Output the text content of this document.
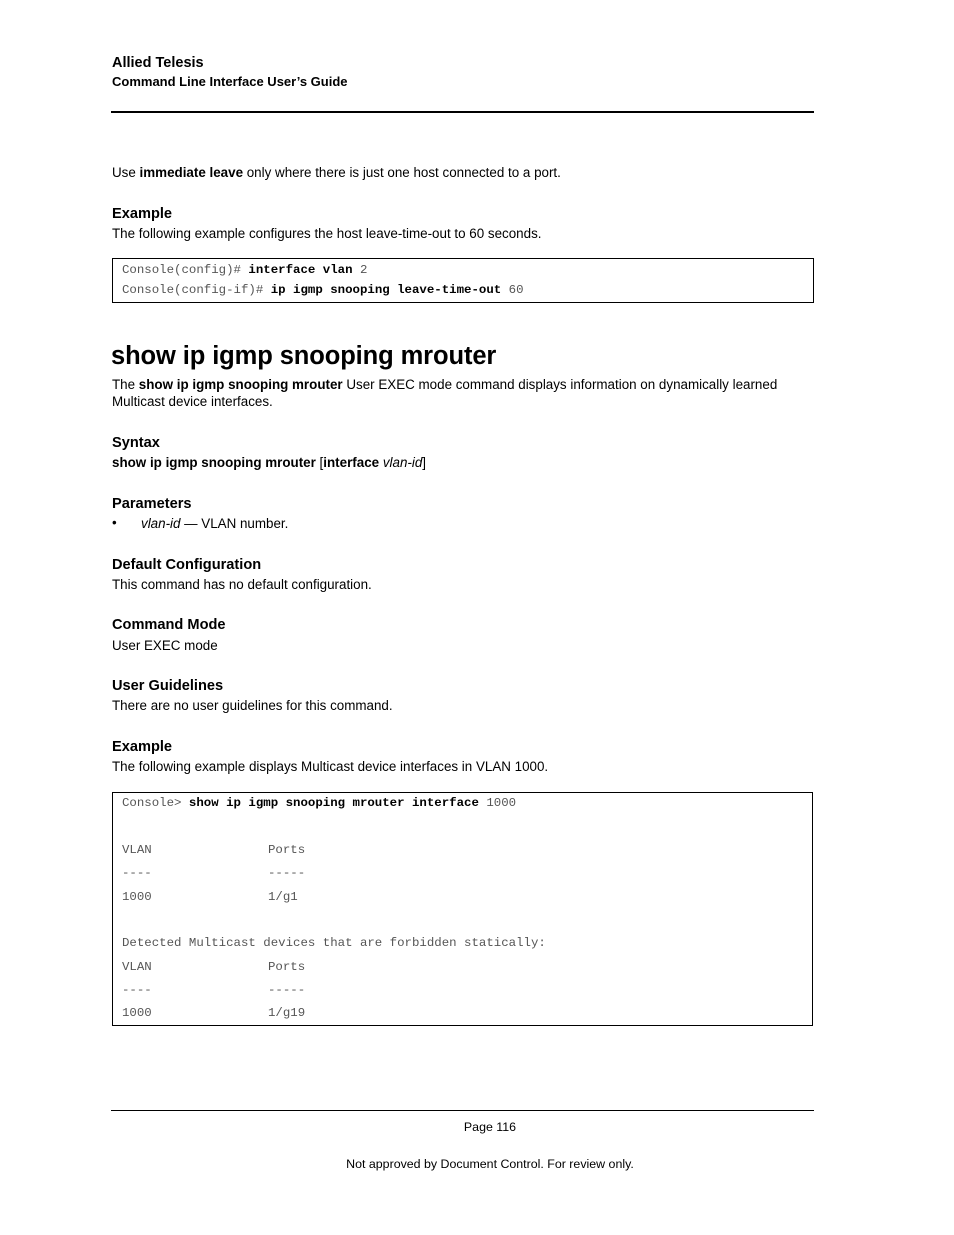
Allied Telesis
Command Line Interface User’s Guide
Use immediate leave only where there is just one host connected to a port.
Example
The following example configures the host leave-time-out to 60 seconds.
Console(config)# interface vlan 2
Console(config-if)# ip igmp snooping leave-time-out 60
show ip igmp snooping mrouter
The show ip igmp snooping mrouter User EXEC mode command displays information on dynamically learned
Multicast device interfaces.
Syntax
show ip igmp snooping mrouter [interface vlan-id]
Parameters
• vlan-id — VLAN number.
Default Configuration
This command has no default configuration.
Command Mode
User EXEC mode
User Guidelines
There are no user guidelines for this command.
Example
The following example displays Multicast device interfaces in VLAN 1000.
Console> show ip igmp snooping mrouter interface 1000
VLAN	Ports
----	-----
1000	1/g1
Detected Multicast devices that are forbidden statically:
VLAN	Ports
----	-----
1000	1/g19
Page 116
Not approved by Document Control. For review only.
